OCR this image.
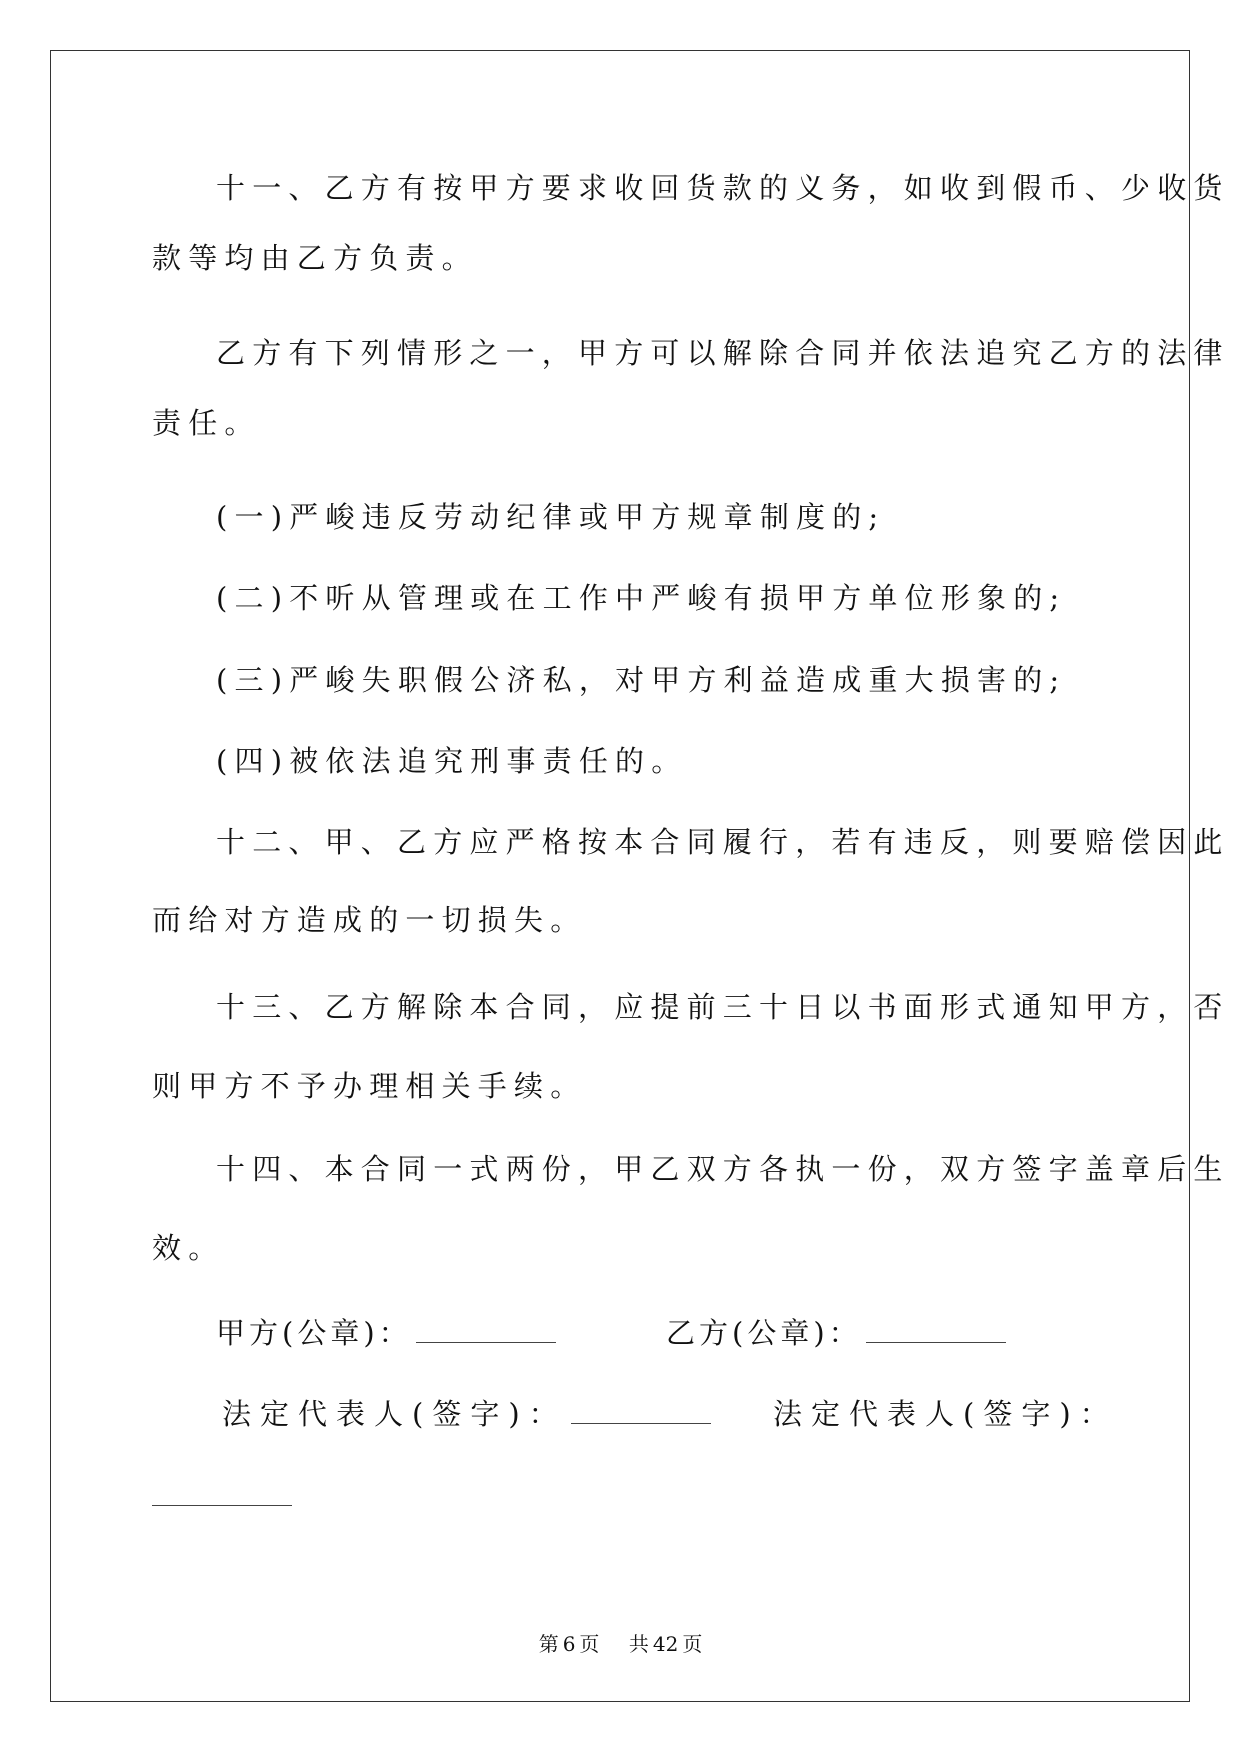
十一、乙方有按甲方要求收回货款的义务，如收到假币、少收货
款等均由乙方负责。
乙方有下列情形之一，甲方可以解除合同并依法追究乙方的法律
责任。
(一)严峻违反劳动纪律或甲方规章制度的;
(二)不听从管理或在工作中严峻有损甲方单位形象的;
(三)严峻失职假公济私，对甲方利益造成重大损害的;
(四)被依法追究刑事责任的。
十二、甲、乙方应严格按本合同履行，若有违反，则要赔偿因此
而给对方造成的一切损失。
十三、乙方解除本合同，应提前三十日以书面形式通知甲方，否
则甲方不予办理相关手续。
十四、本合同一式两份，甲乙双方各执一份，双方签字盖章后生
效。
甲方(公章)：	乙方(公章)：
法定代表人(签字)：	法定代表人(签字)：
第 6 页 共 42 页
